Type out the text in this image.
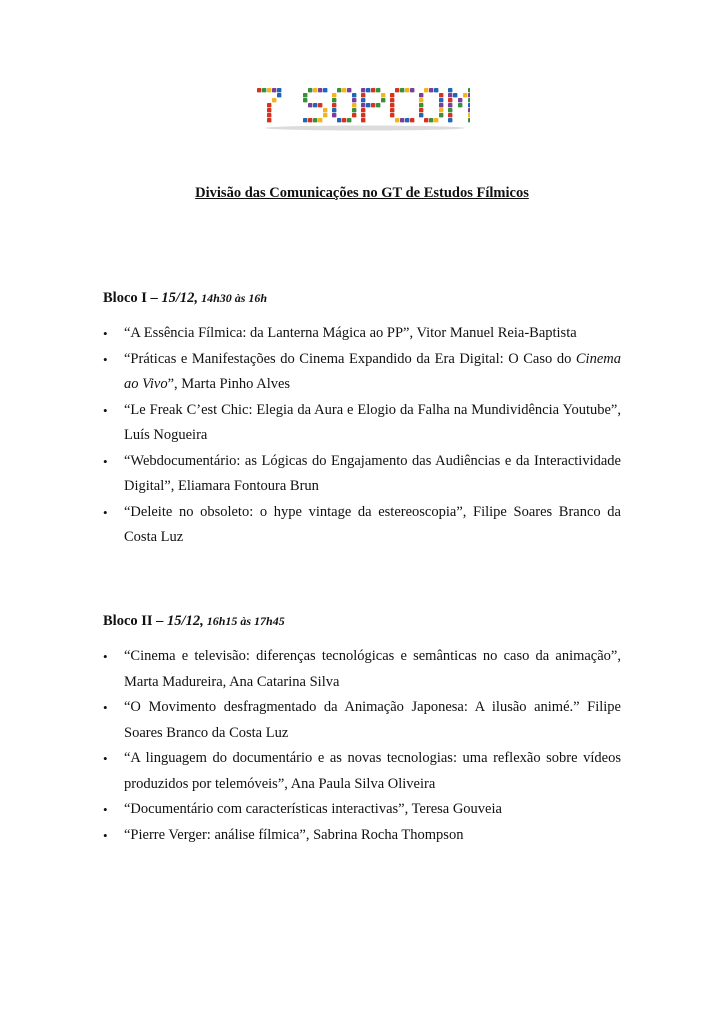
Divisão das Comunicações no GT de Estudos Fílmicos

Bloco I – 15/12, 14h30 às 16h

• “A Essência Fílmica: da Lanterna Mágica ao PP”, Vitor Manuel Reia-Baptista
• “Práticas e Manifestações do Cinema Expandido da Era Digital: O Caso do Cinema ao Vivo”, Marta Pinho Alves
• “Le Freak C’est Chic: Elegia da Aura e Elogio da Falha na Mundividência Youtube”, Luís Nogueira
• “Webdocumentário: as Lógicas do Engajamento das Audiências e da Interactividade Digital”, Eliamara Fontoura Brun
• “Deleite no obsoleto: o hype vintage da estereoscopia”, Filipe Soares Branco da Costa Luz

Bloco II – 15/12, 16h15 às 17h45

• “Cinema e televisão: diferenças tecnológicas e semânticas no caso da animação”, Marta Madureira, Ana Catarina Silva
• “O Movimento desfragmentado da Animação Japonesa: A ilusão animé.” Filipe Soares Branco da Costa Luz
• “A linguagem do documentário e as novas tecnologias: uma reflexão sobre vídeos produzidos por telemóveis”, Ana Paula Silva Oliveira
• “Documentário com características interactivas”, Teresa Gouveia
• “Pierre Verger: análise fílmica”, Sabrina Rocha Thompson
